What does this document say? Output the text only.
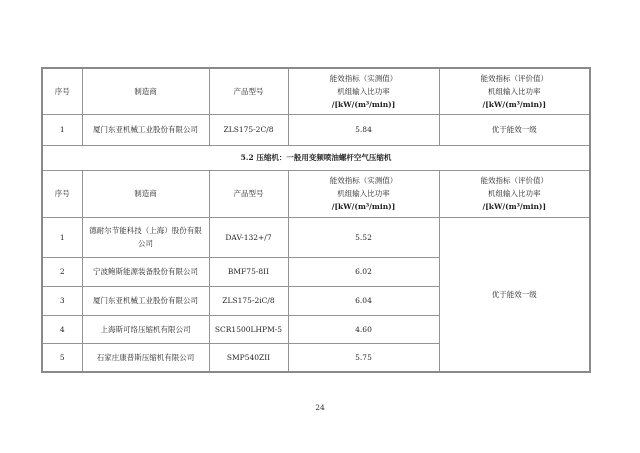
序号	制造商	产品型号	能效指标（实测值）
机组输入比功率
/[kW/(m³/min)]	能效指标（评价值）
机组输入比功率
/[kW/(m³/min)]

1	厦门东亚机械工业股份有限公司	ZLS175-2C/8	5.84	优于能效一级
5.2 压缩机：一般用变频喷油螺杆空气压缩机				
序号	制造商	产品型号	能效指标（实测值）
机组输入比功率
/[kW/(m³/min)]	能效指标（评价值）
机组输入比功率
/[kW/(m³/min)]

1	德耐尔节能科技（上海）股份有限公司	DAV-132+/7	5.52	优于能效一级
2	宁波鲍斯能源装备股份有限公司	BMF75-8II	6.02	
3	厦门东亚机械工业股份有限公司	ZLS175-2iC/8	6.04	
4	上海斯可络压缩机有限公司	SCR1500LHPM-5	4.60	
5	石家庄康普斯压缩机有限公司	SMP540ZII	5.75	
24
